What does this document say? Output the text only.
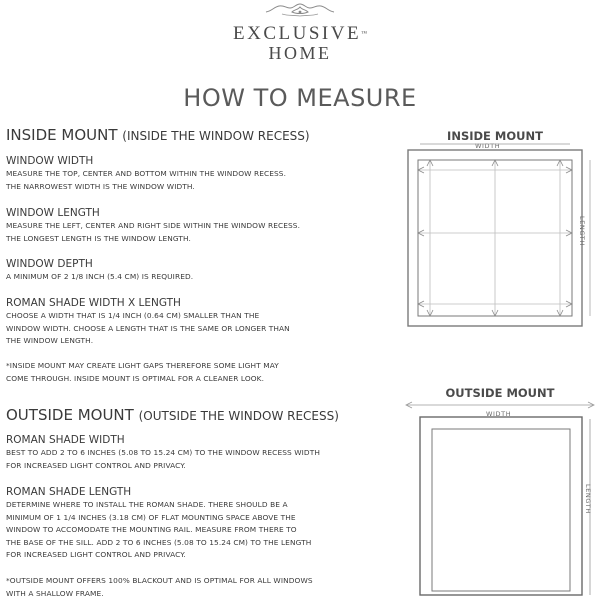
EXCLUSIVE™
HOME
HOW TO MEASURE
INSIDE MOUNT (INSIDE THE WINDOW RECESS)
WINDOW WIDTH
MEASURE THE TOP, CENTER AND BOTTOM WITHIN THE WINDOW RECESS.
THE NARROWEST WIDTH IS THE WINDOW WIDTH.
WINDOW LENGTH
MEASURE THE LEFT, CENTER AND RIGHT SIDE WITHIN THE WINDOW RECESS.
THE LONGEST LENGTH IS THE WINDOW LENGTH.
WINDOW DEPTH
A MINIMUM OF 2 1/8 INCH (5.4 CM) IS REQUIRED.
ROMAN SHADE WIDTH X LENGTH
CHOOSE A WIDTH THAT IS 1/4 INCH (0.64 CM) SMALLER THAN THE
WINDOW WIDTH. CHOOSE A LENGTH THAT IS THE SAME OR LONGER THAN
THE WINDOW LENGTH.
*INSIDE MOUNT MAY CREATE LIGHT GAPS THEREFORE SOME LIGHT MAY
COME THROUGH. INSIDE MOUNT IS OPTIMAL FOR A CLEANER LOOK.
OUTSIDE MOUNT (OUTSIDE THE WINDOW RECESS)
ROMAN SHADE WIDTH
BEST TO ADD 2 TO 6 INCHES (5.08 TO 15.24 CM) TO THE WINDOW RECESS WIDTH
FOR INCREASED LIGHT CONTROL AND PRIVACY.
ROMAN SHADE LENGTH
DETERMINE WHERE TO INSTALL THE ROMAN SHADE. THERE SHOULD BE A
MINIMUM OF 1 1/4 INCHES (3.18 CM) OF FLAT MOUNTING SPACE ABOVE THE
WINDOW TO ACCOMODATE THE MOUNTING RAIL. MEASURE FROM THERE TO
THE BASE OF THE SILL. ADD 2 TO 6 INCHES (5.08 TO 15.24 CM) TO THE LENGTH
FOR INCREASED LIGHT CONTROL AND PRIVACY.
*OUTSIDE MOUNT OFFERS 100% BLACKOUT AND IS OPTIMAL FOR ALL WINDOWS
WITH A SHALLOW FRAME.
INSIDE MOUNT
WIDTH
LENGTH
OUTSIDE MOUNT
WIDTH
LENGTH
